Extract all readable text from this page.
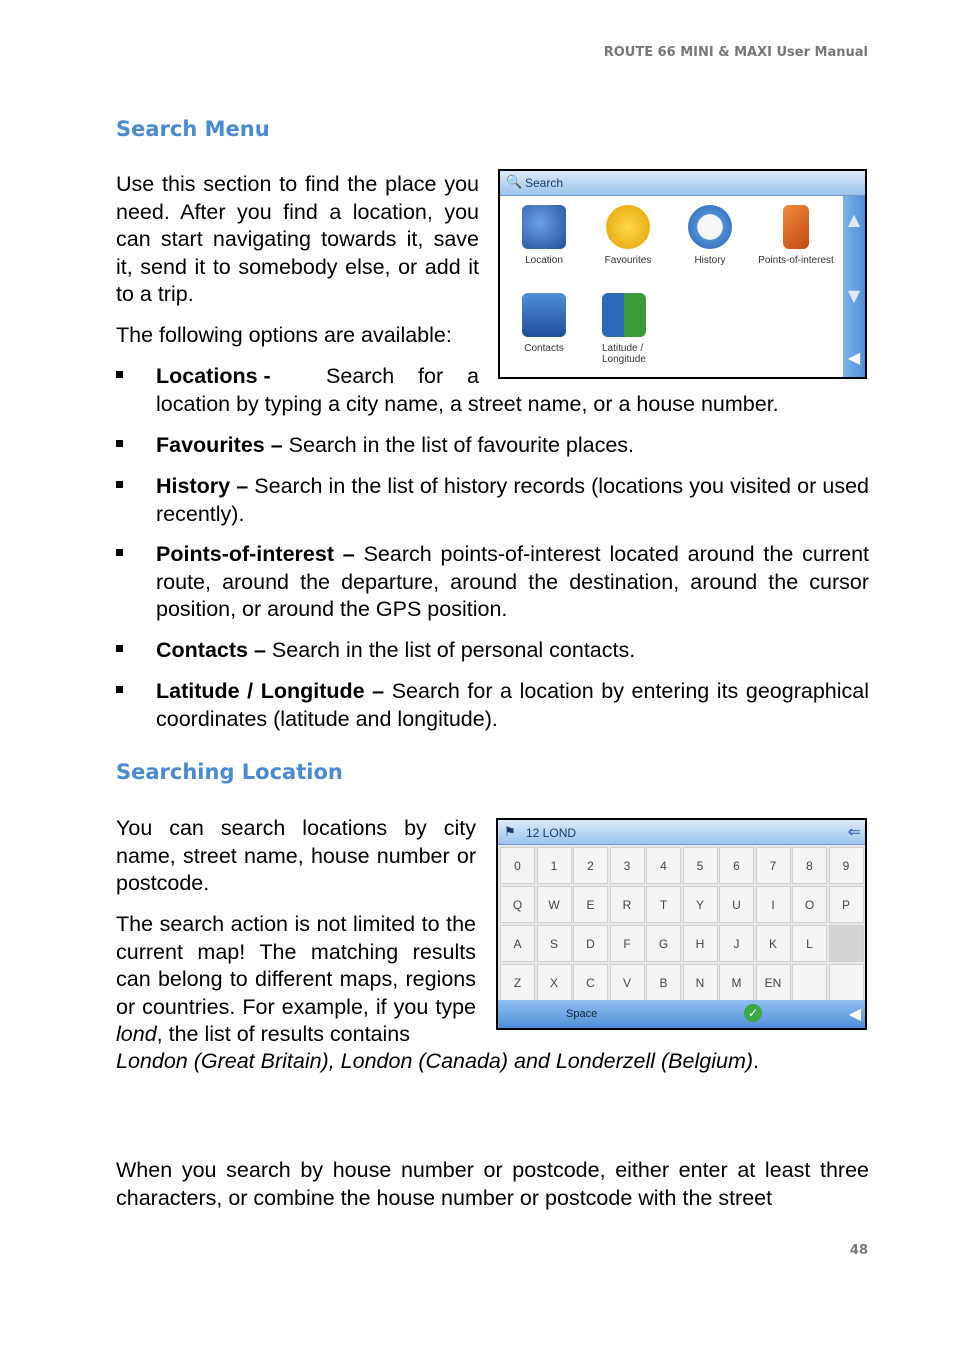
ROUTE 66 MINI & MAXI User Manual
Search Menu
Use this section to find the place you need. After you find a location, you can start navigating towards it, save it, send it to somebody else, or add it to a trip.
The following options are available:
🔍 Search
▲
▼
◀
Location	Favourites	History	Points-of-interest
Contacts	Latitude /
Longitude
Locations -	Search    for    a
location by typing a city name, a street name, or a house number.
Favourites – Search in the list of favourite places.
History – Search in the list of history records (locations you visited or used recently).
Points-of-interest – Search points-of-interest located around the current route, around the departure, around the destination, around the cursor position, or around the GPS position.
Contacts – Search in the list of personal contacts.
Latitude / Longitude – Search for a location by entering its geographical coordinates (latitude and longitude).
Searching Location
You can search locations by city name, street name, house number or postcode.
The search action is not limited to the current map! The matching results can belong to different maps, regions or countries. For example, if you type lond, the list of results contains
London (Great Britain), London (Canada) and Londerzell (Belgium).
⚑ 12 LOND	⇐
0	1	2	3	4	5	6	7	8	9
Q	W	E	R	T	Y	U	I	O	P
A	S	D	F	G	H	J	K	L
Z	X	C	V	B	N	M	EN
Space	✓	◀
When you search by house number or postcode, either enter at least three characters, or combine the house number or postcode with the street
48
